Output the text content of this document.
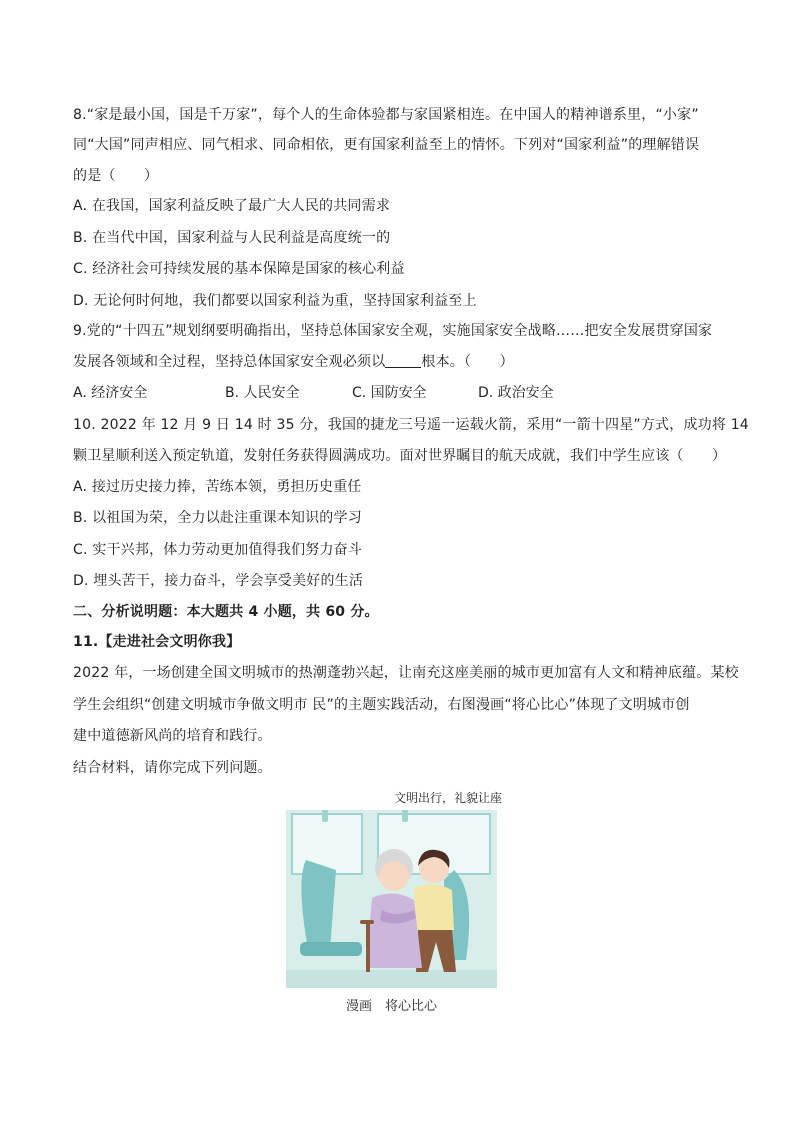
8.“家是最小国，国是千万家”，每个人的生命体验都与家国紧相连。在中国人的精神谱系里，“小家”
同“大国”同声相应、同气相求、同命相依，更有国家利益至上的情怀。下列对“国家利益”的理解错误
的是（　　）
A. 在我国，国家利益反映了最广大人民的共同需求
B. 在当代中国，国家利益与人民利益是高度统一的
C. 经济社会可持续发展的基本保障是国家的核心利益
D. 无论何时何地，我们都要以国家利益为重，坚持国家利益至上
9.党的“十四五”规划纲要明确指出，坚持总体国家安全观，实施国家安全战略……把安全发展贯穿国家
发展各领域和全过程，坚持总体国家安全观必须以	根本。（　　）
A. 经济安全	B. 人民安全	C. 国防安全	D. 政治安全
10. 2022 年 12 月 9 日 14 时 35 分，我国的捷龙三号遥一运载火箭，采用“一箭十四星”方式，成功将 14
颗卫星顺利送入预定轨道，发射任务获得圆满成功。面对世界瞩目的航天成就，我们中学生应该（　　）
A. 接过历史接力捧，苦练本领，勇担历史重任
B. 以祖国为荣，全力以赴注重课本知识的学习
C. 实干兴邦，体力劳动更加值得我们努力奋斗
D. 埋头苦干，接力奋斗，学会享受美好的生活
二、分析说明题：本大题共 4 小题，共 60 分。
11.【走进社会文明你我】
2022 年，一场创建全国文明城市的热潮蓬勃兴起，让南充这座美丽的城市更加富有人文和精神底蕴。某校
学生会组织“创建文明城市争做文明市 民”的主题实践活动，右图漫画“将心比心”体现了文明城市创
建中道德新风尚的培育和践行。
结合材料，请你完成下列问题。
文明出行，礼貌让座
漫画　将心比心
